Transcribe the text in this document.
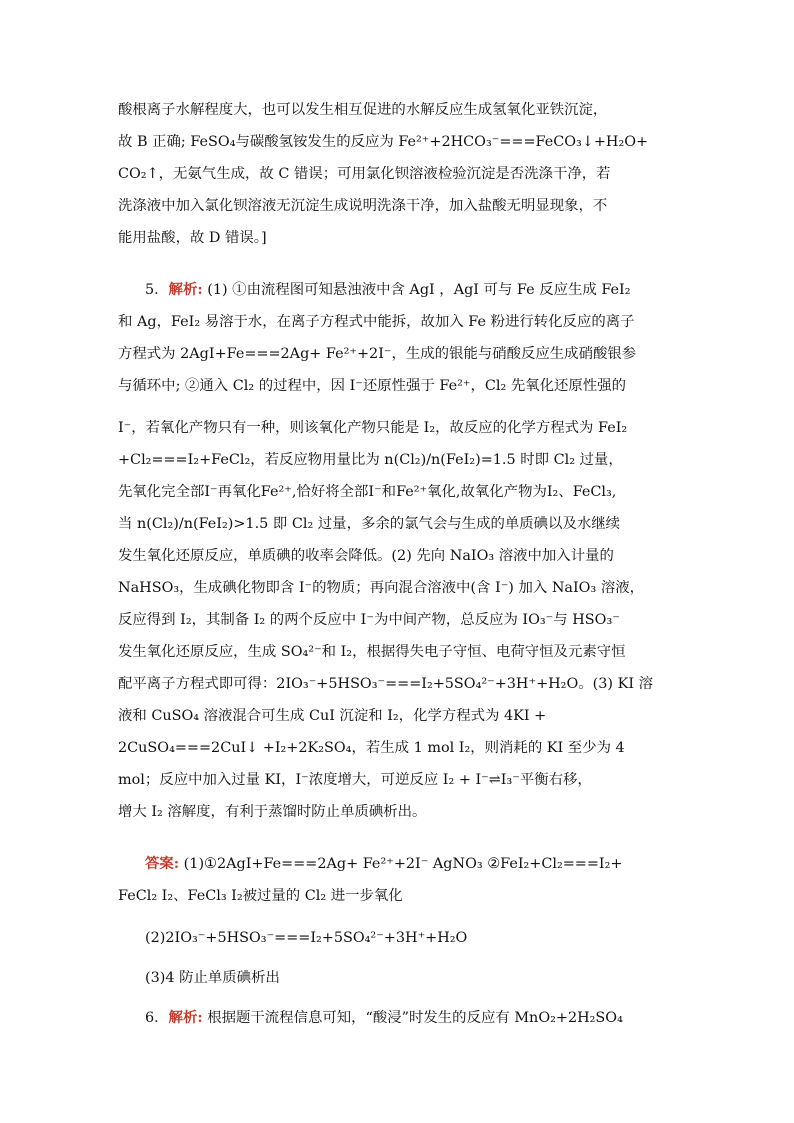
酸根离子水解程度大，也可以发生相互促进的水解反应生成氢氧化亚铁沉淀，
故 B 正确; FeSO₄与碳酸氢铵发生的反应为 Fe²⁺+2HCO₃⁻===FeCO₃↓+H₂O+
CO₂↑，无氨气生成，故 C 错误；可用氯化钡溶液检验沉淀是否洗涤干净，若
洗涤液中加入氯化钡溶液无沉淀生成说明洗涤干净，加入盐酸无明显现象，不
能用盐酸，故 D 错误。]
5．解析: (1) ①由流程图可知悬浊液中含 AgI ，AgI 可与 Fe 反应生成 FeI₂
和 Ag，FeI₂ 易溶于水，在离子方程式中能拆，故加入 Fe 粉进行转化反应的离子
方程式为 2AgI+Fe===2Ag+ Fe²⁺+2I⁻，生成的银能与硝酸反应生成硝酸银参
与循环中; ②通入 Cl₂ 的过程中，因 I⁻还原性强于 Fe²⁺，Cl₂ 先氧化还原性强的
I⁻，若氧化产物只有一种，则该氧化产物只能是 I₂，故反应的化学方程式为 FeI₂
+Cl₂===I₂+FeCl₂，若反应物用量比为 n(Cl₂)/n(FeI₂)=1.5 时即 Cl₂ 过量，
先氧化完全部I⁻再氧化Fe²⁺,恰好将全部I⁻和Fe²⁺氧化,故氧化产物为I₂、FeCl₃,
当 n(Cl₂)/n(FeI₂)>1.5 即 Cl₂ 过量，多余的氯气会与生成的单质碘以及水继续
发生氧化还原反应，单质碘的收率会降低。(2) 先向 NaIO₃ 溶液中加入计量的
NaHSO₃，生成碘化物即含 I⁻的物质；再向混合溶液中(含 I⁻) 加入 NaIO₃ 溶液，
反应得到 I₂，其制备 I₂ 的两个反应中 I⁻为中间产物，总反应为 IO₃⁻与 HSO₃⁻
发生氧化还原反应，生成 SO₄²⁻和 I₂，根据得失电子守恒、电荷守恒及元素守恒
配平离子方程式即可得：2IO₃⁻+5HSO₃⁻===I₂+5SO₄²⁻+3H⁺+H₂O。(3) KI 溶
液和 CuSO₄ 溶液混合可生成 CuI 沉淀和 I₂，化学方程式为 4KI +
2CuSO₄===2CuI↓ +I₂+2K₂SO₄，若生成 1 mol I₂，则消耗的 KI 至少为 4
mol；反应中加入过量 KI，I⁻浓度增大，可逆反应 I₂ + I⁻⇌I₃⁻平衡右移，
增大 I₂ 溶解度，有利于蒸馏时防止单质碘析出。
答案: (1)①2AgI+Fe===2Ag+ Fe²⁺+2I⁻ AgNO₃ ②FeI₂+Cl₂===I₂+
FeCl₂ I₂、FeCl₃ I₂被过量的 Cl₂ 进一步氧化
(2)2IO₃⁻+5HSO₃⁻===I₂+5SO₄²⁻+3H⁺+H₂O
(3)4 防止单质碘析出
6．解析: 根据题干流程信息可知，“酸浸”时发生的反应有 MnO₂+2H₂SO₄
